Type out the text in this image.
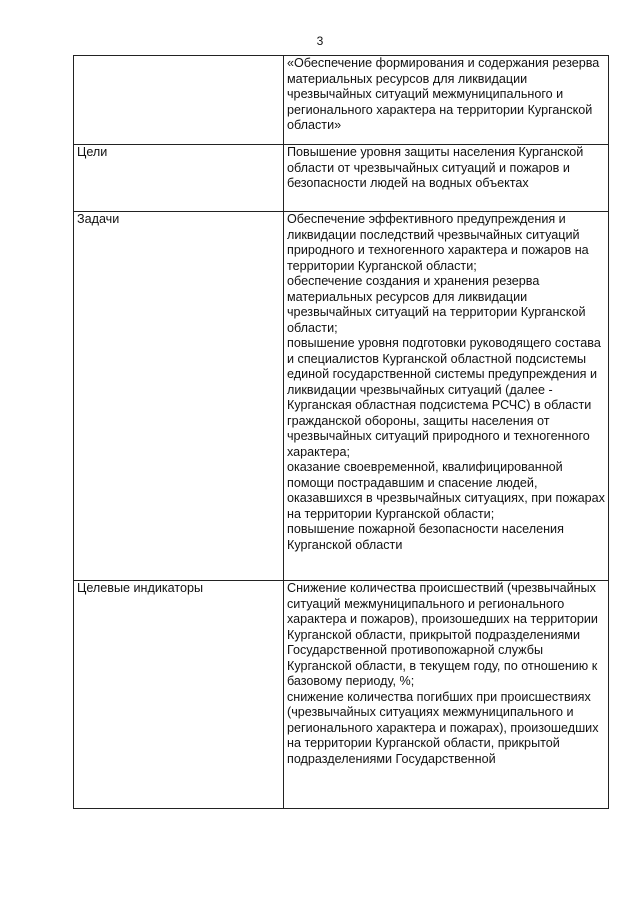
3

	«Обеспечение формирования и содержания резерва материальных ресурсов для ликвидации чрезвычайных ситуаций межмуниципального и регионального характера на территории Курганской области»

Цели	Повышение уровня защиты населения Курганской области от чрезвычайных ситуаций и пожаров и безопасности людей на водных объектах

Задачи	Обеспечение эффективного предупреждения и ликвидации последствий чрезвычайных ситуаций природного и техногенного характера и пожаров на территории Курганской области;
обеспечение создания и хранения резерва материальных ресурсов для ликвидации чрезвычайных ситуаций на территории Курганской области;
повышение уровня подготовки руководящего состава и специалистов Курганской областной подсистемы единой государственной системы предупреждения и ликвидации чрезвычайных ситуаций (далее - Курганская областная подсистема РСЧС) в области гражданской обороны, защиты населения от чрезвычайных ситуаций природного и техногенного характера;
оказание своевременной, квалифицированной помощи пострадавшим и спасение людей, оказавшихся в чрезвычайных ситуациях, при пожарах на территории Курганской области;
повышение пожарной безопасности населения Курганской области

Целевые индикаторы	Снижение количества происшествий (чрезвычайных ситуаций межмуниципального и регионального характера и пожаров), произошедших на территории Курганской области, прикрытой подразделениями Государственной противопожарной службы Курганской области, в текущем году, по отношению к базовому периоду, %;
снижение количества погибших при происшествиях (чрезвычайных ситуациях межмуниципального и регионального характера и пожарах), произошедших на территории Курганской области, прикрытой подразделениями Государственной
